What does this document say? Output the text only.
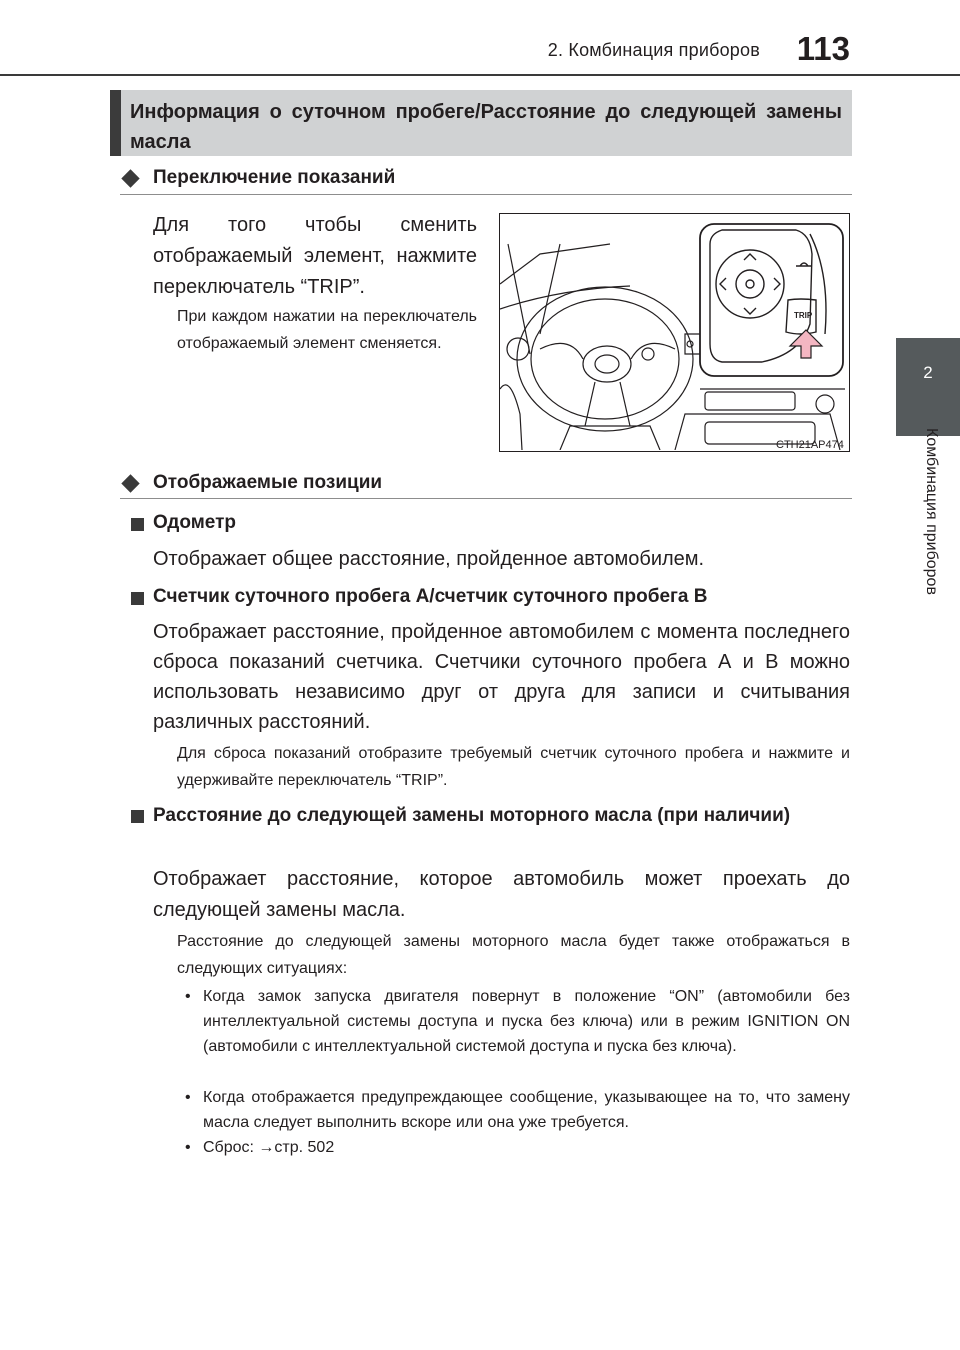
2. Комбинация приборов 113
2
Комбинация приборов
Информация о суточном пробеге/Расстояние до следующей замены масла
Переключение показаний
Для того чтобы сменить отображаемый элемент, нажмите переключатель “TRIP”.
При каждом нажатии на переключатель отображаемый элемент сменяется.
TRIP
CTH21AP474
Отображаемые позиции
Одометр
Отображает общее расстояние, пройденное автомобилем.
Счетчик суточного пробега А/счетчик суточного пробега В
Отображает расстояние, пройденное автомобилем с момента последнего сброса показаний счетчика. Счетчики суточного пробега А и В можно использовать независимо друг от друга для записи и считывания различных расстояний.
Для сброса показаний отобразите требуемый счетчик суточного пробега и нажмите и удерживайте переключатель “TRIP”.
Расстояние до следующей замены моторного масла (при наличии)
Отображает расстояние, которое автомобиль может проехать до следующей замены масла.
Расстояние до следующей замены моторного масла будет также отображаться в следующих ситуациях:
• Когда замок запуска двигателя повернут в положение “ON” (автомобили без интеллектуальной системы доступа и пуска без ключа) или в режим IGNITION ON (автомобили с интеллектуальной системой доступа и пуска без ключа).
• Когда отображается предупреждающее сообщение, указывающее на то, что замену масла следует выполнить вскоре или она уже требуется.
• Сброс: →стр. 502
